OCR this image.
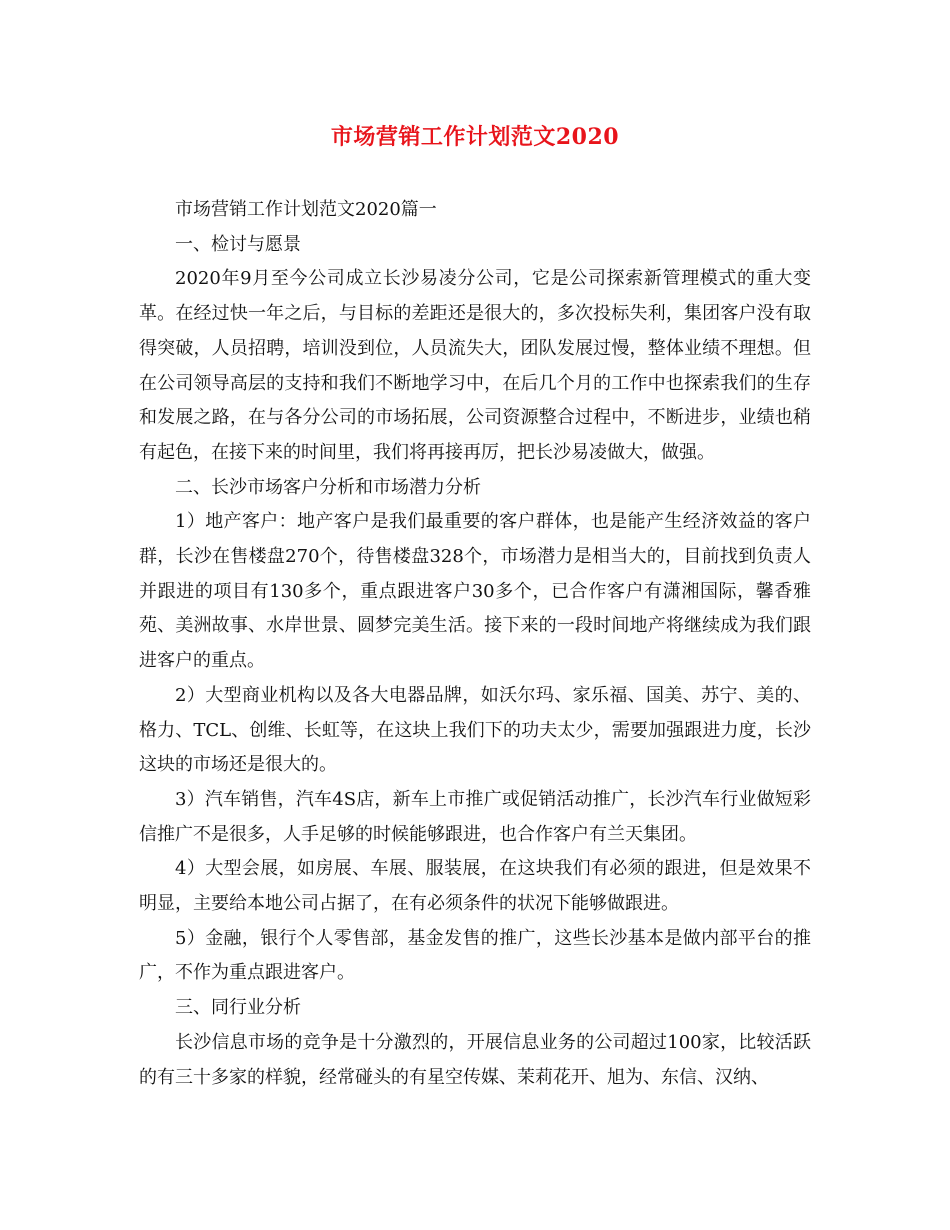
市场营销工作计划范文2020

市场营销工作计划范文2020篇一

一、检讨与愿景

2020年9月至今公司成立长沙易凌分公司，它是公司探索新管理模式的重大变革。在经过快一年之后，与目标的差距还是很大的，多次投标失利，集团客户没有取得突破，人员招聘，培训没到位，人员流失大，团队发展过慢，整体业绩不理想。但在公司领导高层的支持和我们不断地学习中，在后几个月的工作中也探索我们的生存和发展之路，在与各分公司的市场拓展，公司资源整合过程中，不断进步，业绩也稍有起色，在接下来的时间里，我们将再接再厉，把长沙易凌做大，做强。

二、长沙市场客户分析和市场潜力分析

1）地产客户：地产客户是我们最重要的客户群体，也是能产生经济效益的客户群，长沙在售楼盘270个，待售楼盘328个，市场潜力是相当大的，目前找到负责人并跟进的项目有130多个，重点跟进客户30多个，已合作客户有潇湘国际，馨香雅苑、美洲故事、水岸世景、圆梦完美生活。接下来的一段时间地产将继续成为我们跟进客户的重点。

2）大型商业机构以及各大电器品牌，如沃尔玛、家乐福、国美、苏宁、美的、格力、TCL、创维、长虹等，在这块上我们下的功夫太少，需要加强跟进力度，长沙这块的市场还是很大的。

3）汽车销售，汽车4S店，新车上市推广或促销活动推广，长沙汽车行业做短彩信推广不是很多，人手足够的时候能够跟进，也合作客户有兰天集团。

4）大型会展，如房展、车展、服装展，在这块我们有必须的跟进，但是效果不明显，主要给本地公司占据了，在有必须条件的状况下能够做跟进。

5）金融，银行个人零售部，基金发售的推广，这些长沙基本是做内部平台的推广，不作为重点跟进客户。

三、同行业分析

长沙信息市场的竞争是十分激烈的，开展信息业务的公司超过100家，比较活跃的有三十多家的样貌，经常碰头的有星空传媒、茉莉花开、旭为、东信、汉纳、
